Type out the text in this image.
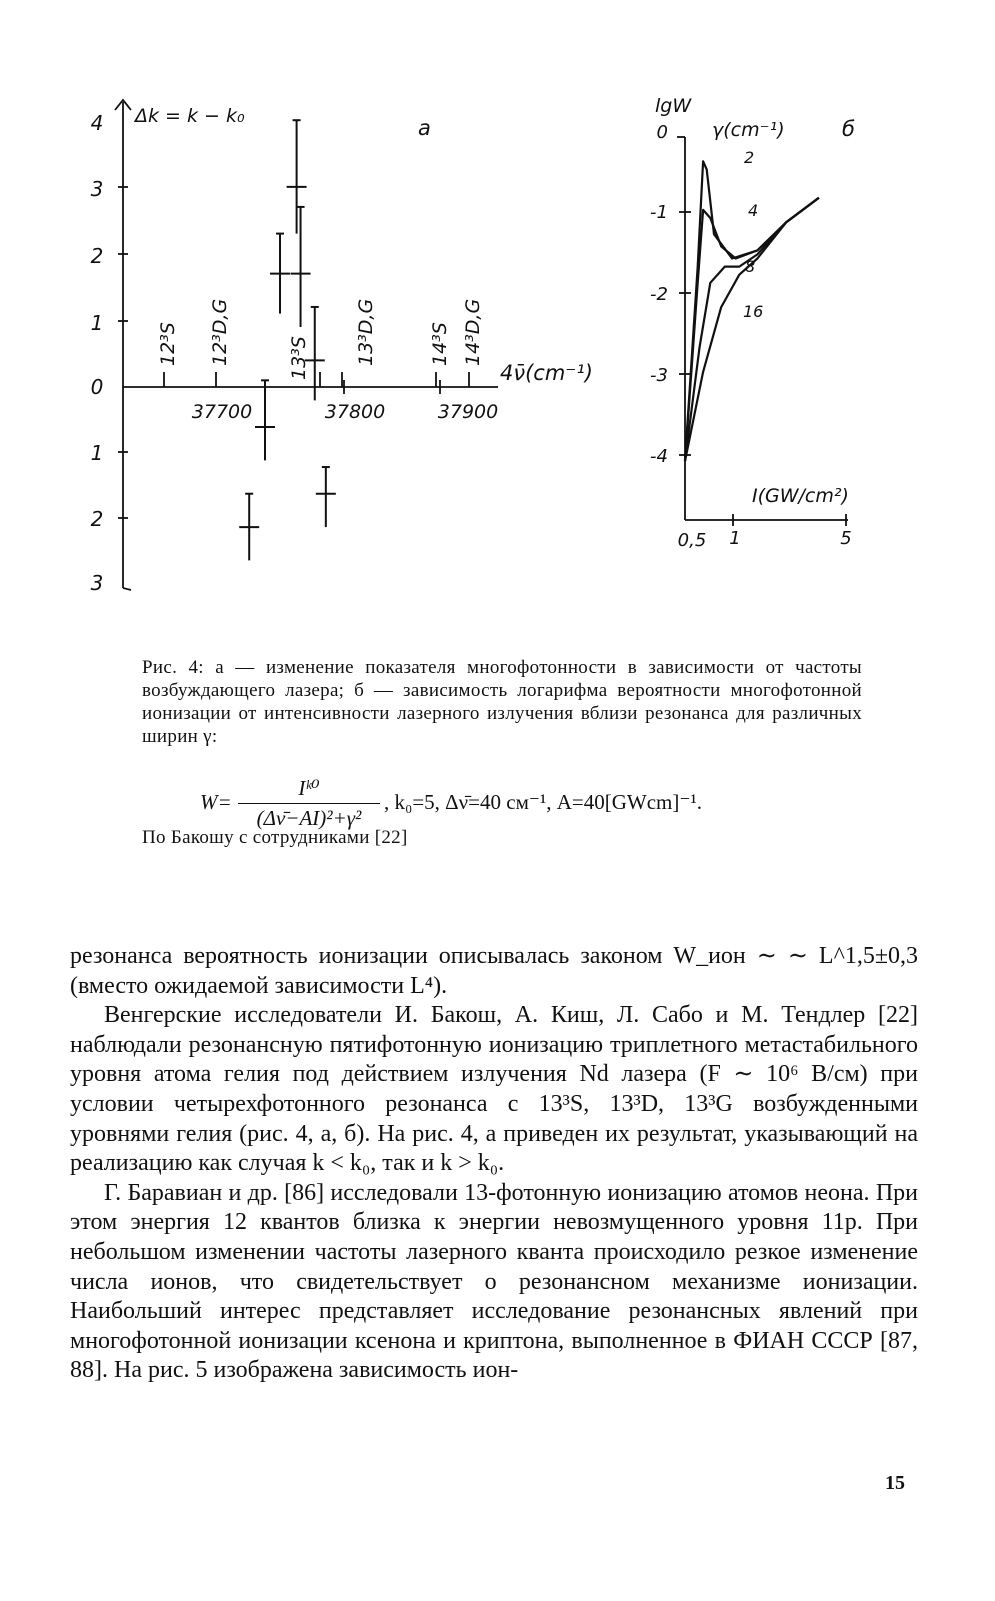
Δk = k − k₀	a
4ν̄(cm⁻¹)
4
3
2
1
0
1
2
3
37700	37800	37900
12³S 12³D,G	13³S 13³D,G	14³S 14³D,G
lgW
γ(cm⁻¹)	б
I(GW/cm²)
0
-1
-2
-3
-4
0,5 1	5
2
4
8
16
Рис. 4: а — изменение показателя многофотонности в зависимости от частоты возбуждающего лазера; б — зависимость логарифма вероятности многофотонной ионизации от интенсивности лазерного излучения вблизи резонанса для различных ширин γ:
$W= \frac{\text{Iᵏ⁰}}{\text{(Δν̄−AI)²+γ²}}$ , k₀=5, Δν̄=40 см⁻¹, A=40[GWcm]⁻¹.
По Бакошу с сотрудниками [22]

резонанса вероятность ионизации описывалась законом W_ион ∼ ∼ L^1,5±0,3 (вместо ожидаемой зависимости L⁴).

Венгерские исследователи И. Бакош, А. Киш, Л. Сабо и М. Тендлер [22] наблюдали резонансную пятифотонную ионизацию триплетного метастабильного уровня атома гелия под действием излучения Nd лазера (F ∼ 10⁶ В/см) при условии четырехфотонного резонанса с 13³S, 13³D, 13³G возбужденными уровнями гелия (рис. 4, а, б). На рис. 4, а приведен их результат, указывающий на реализацию как случая k < k₀, так и k > k₀.

Г. Баравиан и др. [86] исследовали 13-фотонную ионизацию атомов неона. При этом энергия 12 квантов близка к энергии невозмущенного уровня 11p. При небольшом изменении частоты лазерного кванта происходило резкое изменение числа ионов, что свидетельствует о резонансном механизме ионизации. Наибольший интерес представляет исследование резонансных явлений при многофотонной ионизации ксенона и криптона, выполненное в ФИАН СССР [87, 88]. На рис. 5 изображена зависимость ион-

15
